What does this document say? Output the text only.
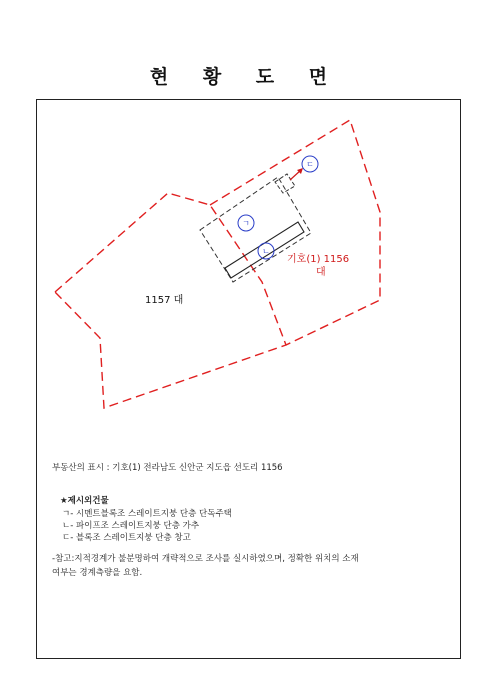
현 황 도 면
ㄱ
ㄴ
ㄷ
1157 대
기호(1) 1156
대
부동산의 표시 : 기호(1) 전라남도 신안군 지도읍 선도리 1156
★제시외건물
ㄱ- 시멘트블록조 스레이트지붕 단층 단독주택
ㄴ- 파이프조 스레이트지붕 단층 가추
ㄷ- 블록조 스레이트지붕 단층 창고
-참고:지적경계가 불분명하여 개략적으로 조사를 실시하였으며, 정확한 위치의 소재
여부는 경계측량을 요함.
